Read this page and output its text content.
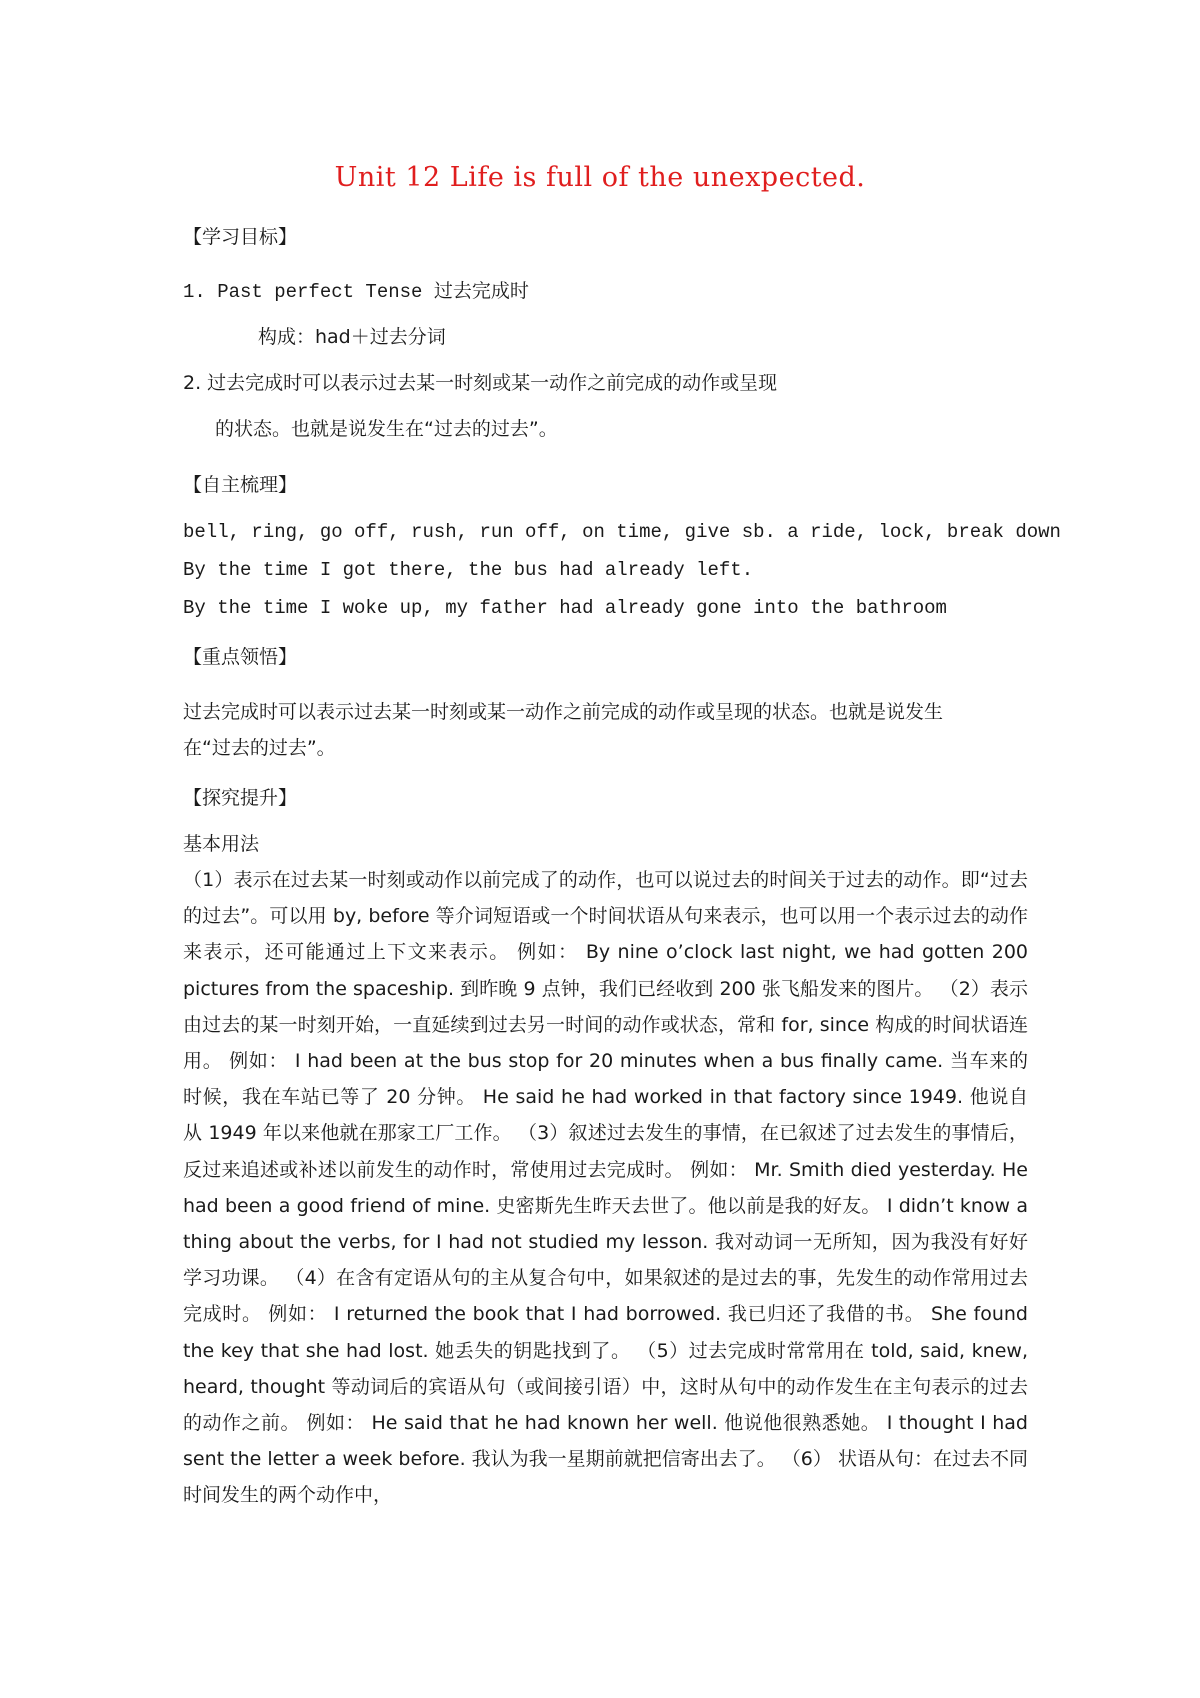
Unit 12 Life is full of the unexpected.
【学习目标】
1. Past perfect Tense 过去完成时
构成：had＋过去分词
2. 过去完成时可以表示过去某一时刻或某一动作之前完成的动作或呈现
的状态。也就是说发生在“过去的过去”。
【自主梳理】
bell, ring, go off, rush, run off, on time, give sb. a ride, lock, break down
By the time I got there, the bus had already left.
By the time I woke up, my father had already gone into the bathroom
【重点领悟】
过去完成时可以表示过去某一时刻或某一动作之前完成的动作或呈现的状态。也就是说发生
在“过去的过去”。
【探究提升】
基本用法
（1）表示在过去某一时刻或动作以前完成了的动作，也可以说过去的时间关于过去的动作。即“过去的过去”。可以用 by, before 等介词短语或一个时间状语从句来表示，也可以用一个表示过去的动作来表示，还可能通过上下文来表示。 例如： By nine o’clock last night, we had gotten 200 pictures from the spaceship. 到昨晚 9 点钟，我们已经收到 200 张飞船发来的图片。 （2）表示由过去的某一时刻开始，一直延续到过去另一时间的动作或状态，常和 for, since 构成的时间状语连用。 例如： I had been at the bus stop for 20 minutes when a bus finally came. 当车来的时候，我在车站已等了 20 分钟。 He said he had worked in that factory since 1949. 他说自从 1949 年以来他就在那家工厂工作。 （3）叙述过去发生的事情，在已叙述了过去发生的事情后，反过来追述或补述以前发生的动作时，常使用过去完成时。 例如： Mr. Smith died yesterday. He had been a good friend of mine. 史密斯先生昨天去世了。他以前是我的好友。 I didn’t know a thing about the verbs, for I had not studied my lesson. 我对动词一无所知，因为我没有好好学习功课。 （4）在含有定语从句的主从复合句中，如果叙述的是过去的事，先发生的动作常用过去完成时。 例如： I returned the book that I had borrowed. 我已归还了我借的书。 She found the key that she had lost. 她丢失的钥匙找到了。 （5）过去完成时常常用在 told, said, knew, heard, thought 等动词后的宾语从句（或间接引语）中，这时从句中的动作发生在主句表示的过去的动作之前。 例如： He said that he had known her well. 他说他很熟悉她。 I thought I had sent the letter a week before. 我认为我一星期前就把信寄出去了。 （6） 状语从句：在过去不同时间发生的两个动作中，
